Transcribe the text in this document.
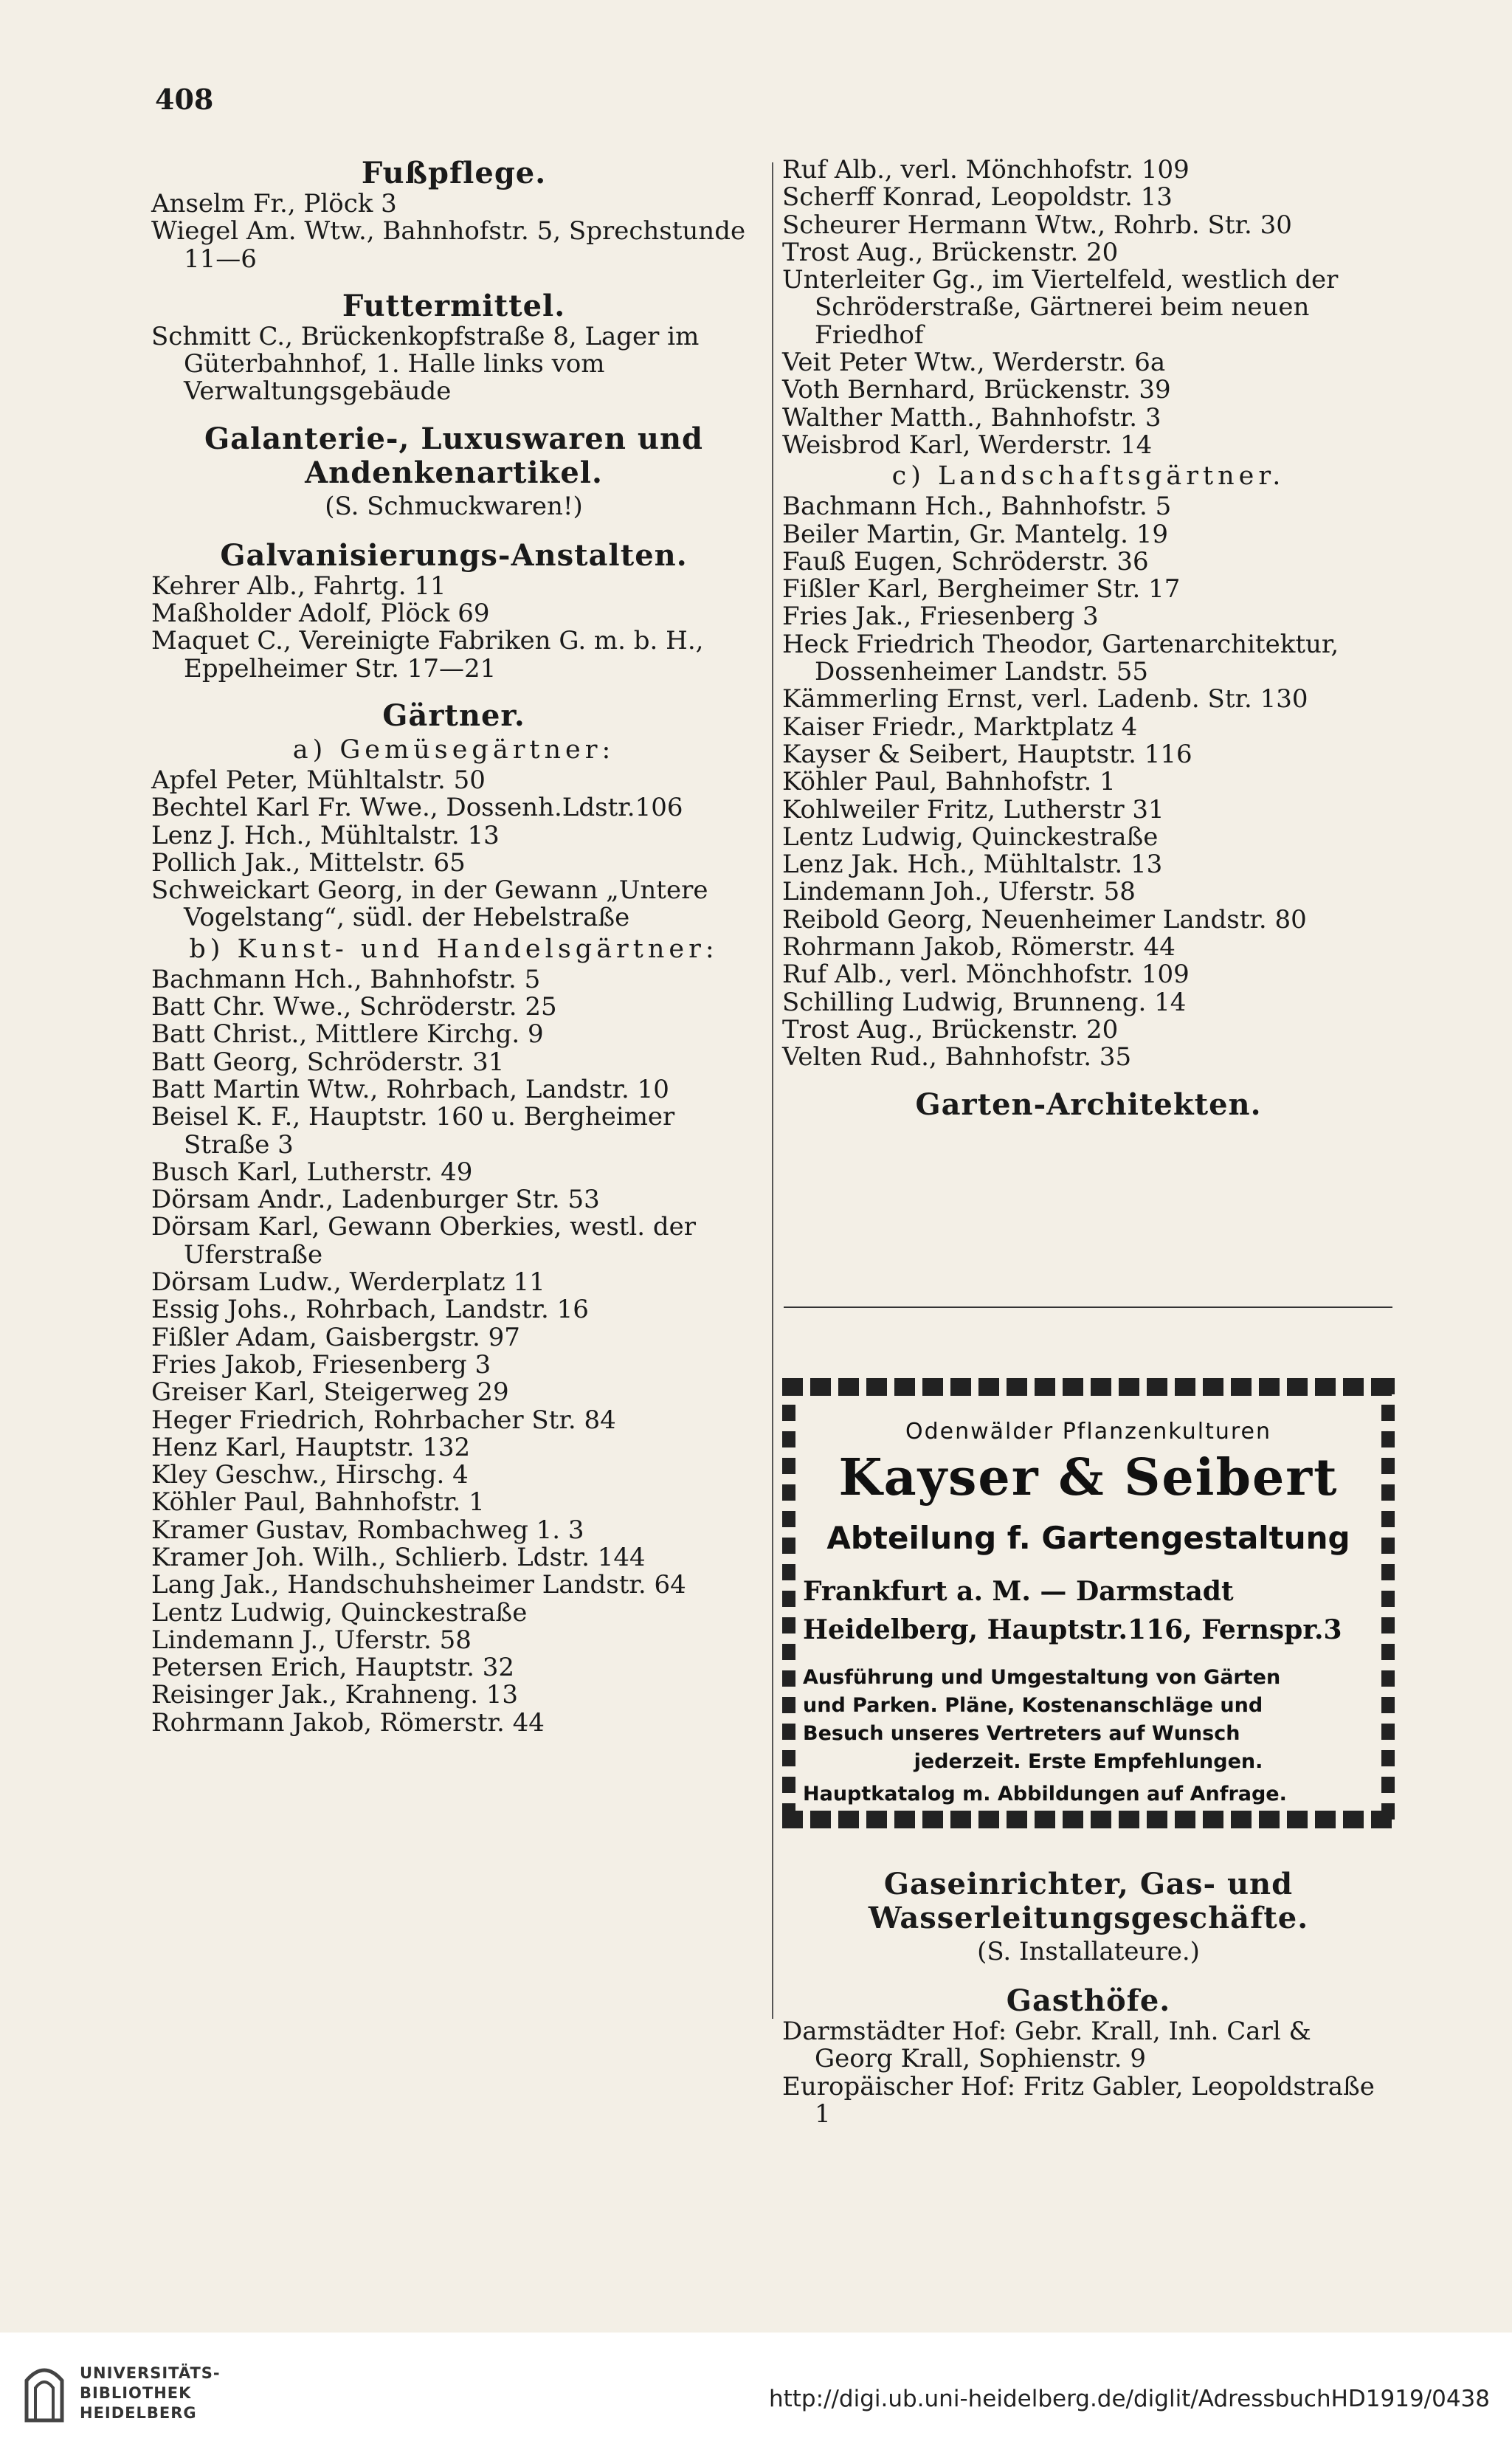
408

Fußpflege.

Anselm Fr., Plöck 3

Wiegel Am. Wtw., Bahnhofstr. 5, Sprechstunde 11—6

Futtermittel.

Schmitt C., Brückenkopfstraße 8, Lager im Güterbahnhof, 1. Halle links vom Verwaltungsgebäude

Galanterie-, Luxuswaren und Andenkenartikel.

(S. Schmuckwaren!)

Galvanisierungs-Anstalten.

Kehrer Alb., Fahrtg. 11

Maßholder Adolf, Plöck 69

Maquet C., Vereinigte Fabriken G. m. b. H., Eppelheimer Str. 17—21

Gärtner.

a) Gemüsegärtner:

Apfel Peter, Mühltalstr. 50

Bechtel Karl Fr. Wwe., Dossenh.Ldstr.106

Lenz J. Hch., Mühltalstr. 13

Pollich Jak., Mittelstr. 65

Schweickart Georg, in der Gewann „Untere Vogelstang“, südl. der Hebelstraße

b) Kunst- und Handelsgärtner:

Bachmann Hch., Bahnhofstr. 5

Batt Chr. Wwe., Schröderstr. 25

Batt Christ., Mittlere Kirchg. 9

Batt Georg, Schröderstr. 31

Batt Martin Wtw., Rohrbach, Landstr. 10

Beisel K. F., Hauptstr. 160 u. Bergheimer Straße 3

Busch Karl, Lutherstr. 49

Dörsam Andr., Ladenburger Str. 53

Dörsam Karl, Gewann Oberkies, westl. der Uferstraße

Dörsam Ludw., Werderplatz 11

Essig Johs., Rohrbach, Landstr. 16

Fißler Adam, Gaisbergstr. 97

Fries Jakob, Friesenberg 3

Greiser Karl, Steigerweg 29

Heger Friedrich, Rohrbacher Str. 84

Henz Karl, Hauptstr. 132

Kley Geschw., Hirschg. 4

Köhler Paul, Bahnhofstr. 1

Kramer Gustav, Rombachweg 1. 3

Kramer Joh. Wilh., Schlierb. Ldstr. 144

Lang Jak., Handschuhsheimer Landstr. 64

Lentz Ludwig, Quinckestraße

Lindemann J., Uferstr. 58

Petersen Erich, Hauptstr. 32

Reisinger Jak., Krahneng. 13

Rohrmann Jakob, Römerstr. 44

Ruf Alb., verl. Mönchhofstr. 109

Scherff Konrad, Leopoldstr. 13

Scheurer Hermann Wtw., Rohrb. Str. 30

Trost Aug., Brückenstr. 20

Unterleiter Gg., im Viertelfeld, westlich der Schröderstraße, Gärtnerei beim neuen Friedhof

Veit Peter Wtw., Werderstr. 6a

Voth Bernhard, Brückenstr. 39

Walther Matth., Bahnhofstr. 3

Weisbrod Karl, Werderstr. 14

c) Landschaftsgärtner.

Bachmann Hch., Bahnhofstr. 5

Beiler Martin, Gr. Mantelg. 19

Fauß Eugen, Schröderstr. 36

Fißler Karl, Bergheimer Str. 17

Fries Jak., Friesenberg 3

Heck Friedrich Theodor, Gartenarchitektur, Dossenheimer Landstr. 55

Kämmerling Ernst, verl. Ladenb. Str. 130

Kaiser Friedr., Marktplatz 4

Kayser & Seibert, Hauptstr. 116

Köhler Paul, Bahnhofstr. 1

Kohlweiler Fritz, Lutherstr 31

Lentz Ludwig, Quinckestraße

Lenz Jak. Hch., Mühltalstr. 13

Lindemann Joh., Uferstr. 58

Reibold Georg, Neuenheimer Landstr. 80

Rohrmann Jakob, Römerstr. 44

Ruf Alb., verl. Mönchhofstr. 109

Schilling Ludwig, Brunneng. 14

Trost Aug., Brückenstr. 20

Velten Rud., Bahnhofstr. 35

Garten-Architekten.

Odenwälder Pflanzenkulturen
Kayser & Seibert
Abteilung f. Gartengestaltung
Frankfurt a. M. — Darmstadt
Heidelberg, Hauptstr.116, Fernspr.3
Ausführung und Umgestaltung von Gärten
und Parken. Pläne, Kostenanschläge und
Besuch unseres Vertreters auf Wunsch
jederzeit. Erste Empfehlungen.
Hauptkatalog m. Abbildungen auf Anfrage.

Gaseinrichter, Gas- und Wasserleitungsgeschäfte.

(S. Installateure.)

Gasthöfe.

Darmstädter Hof: Gebr. Krall, Inh. Carl & Georg Krall, Sophienstr. 9

Europäischer Hof: Fritz Gabler, Leopoldstraße 1

UNIVERSITÄTS-
BIBLIOTHEK
HEIDELBERG
http://digi.ub.uni-heidelberg.de/diglit/AdressbuchHD1919/0438
